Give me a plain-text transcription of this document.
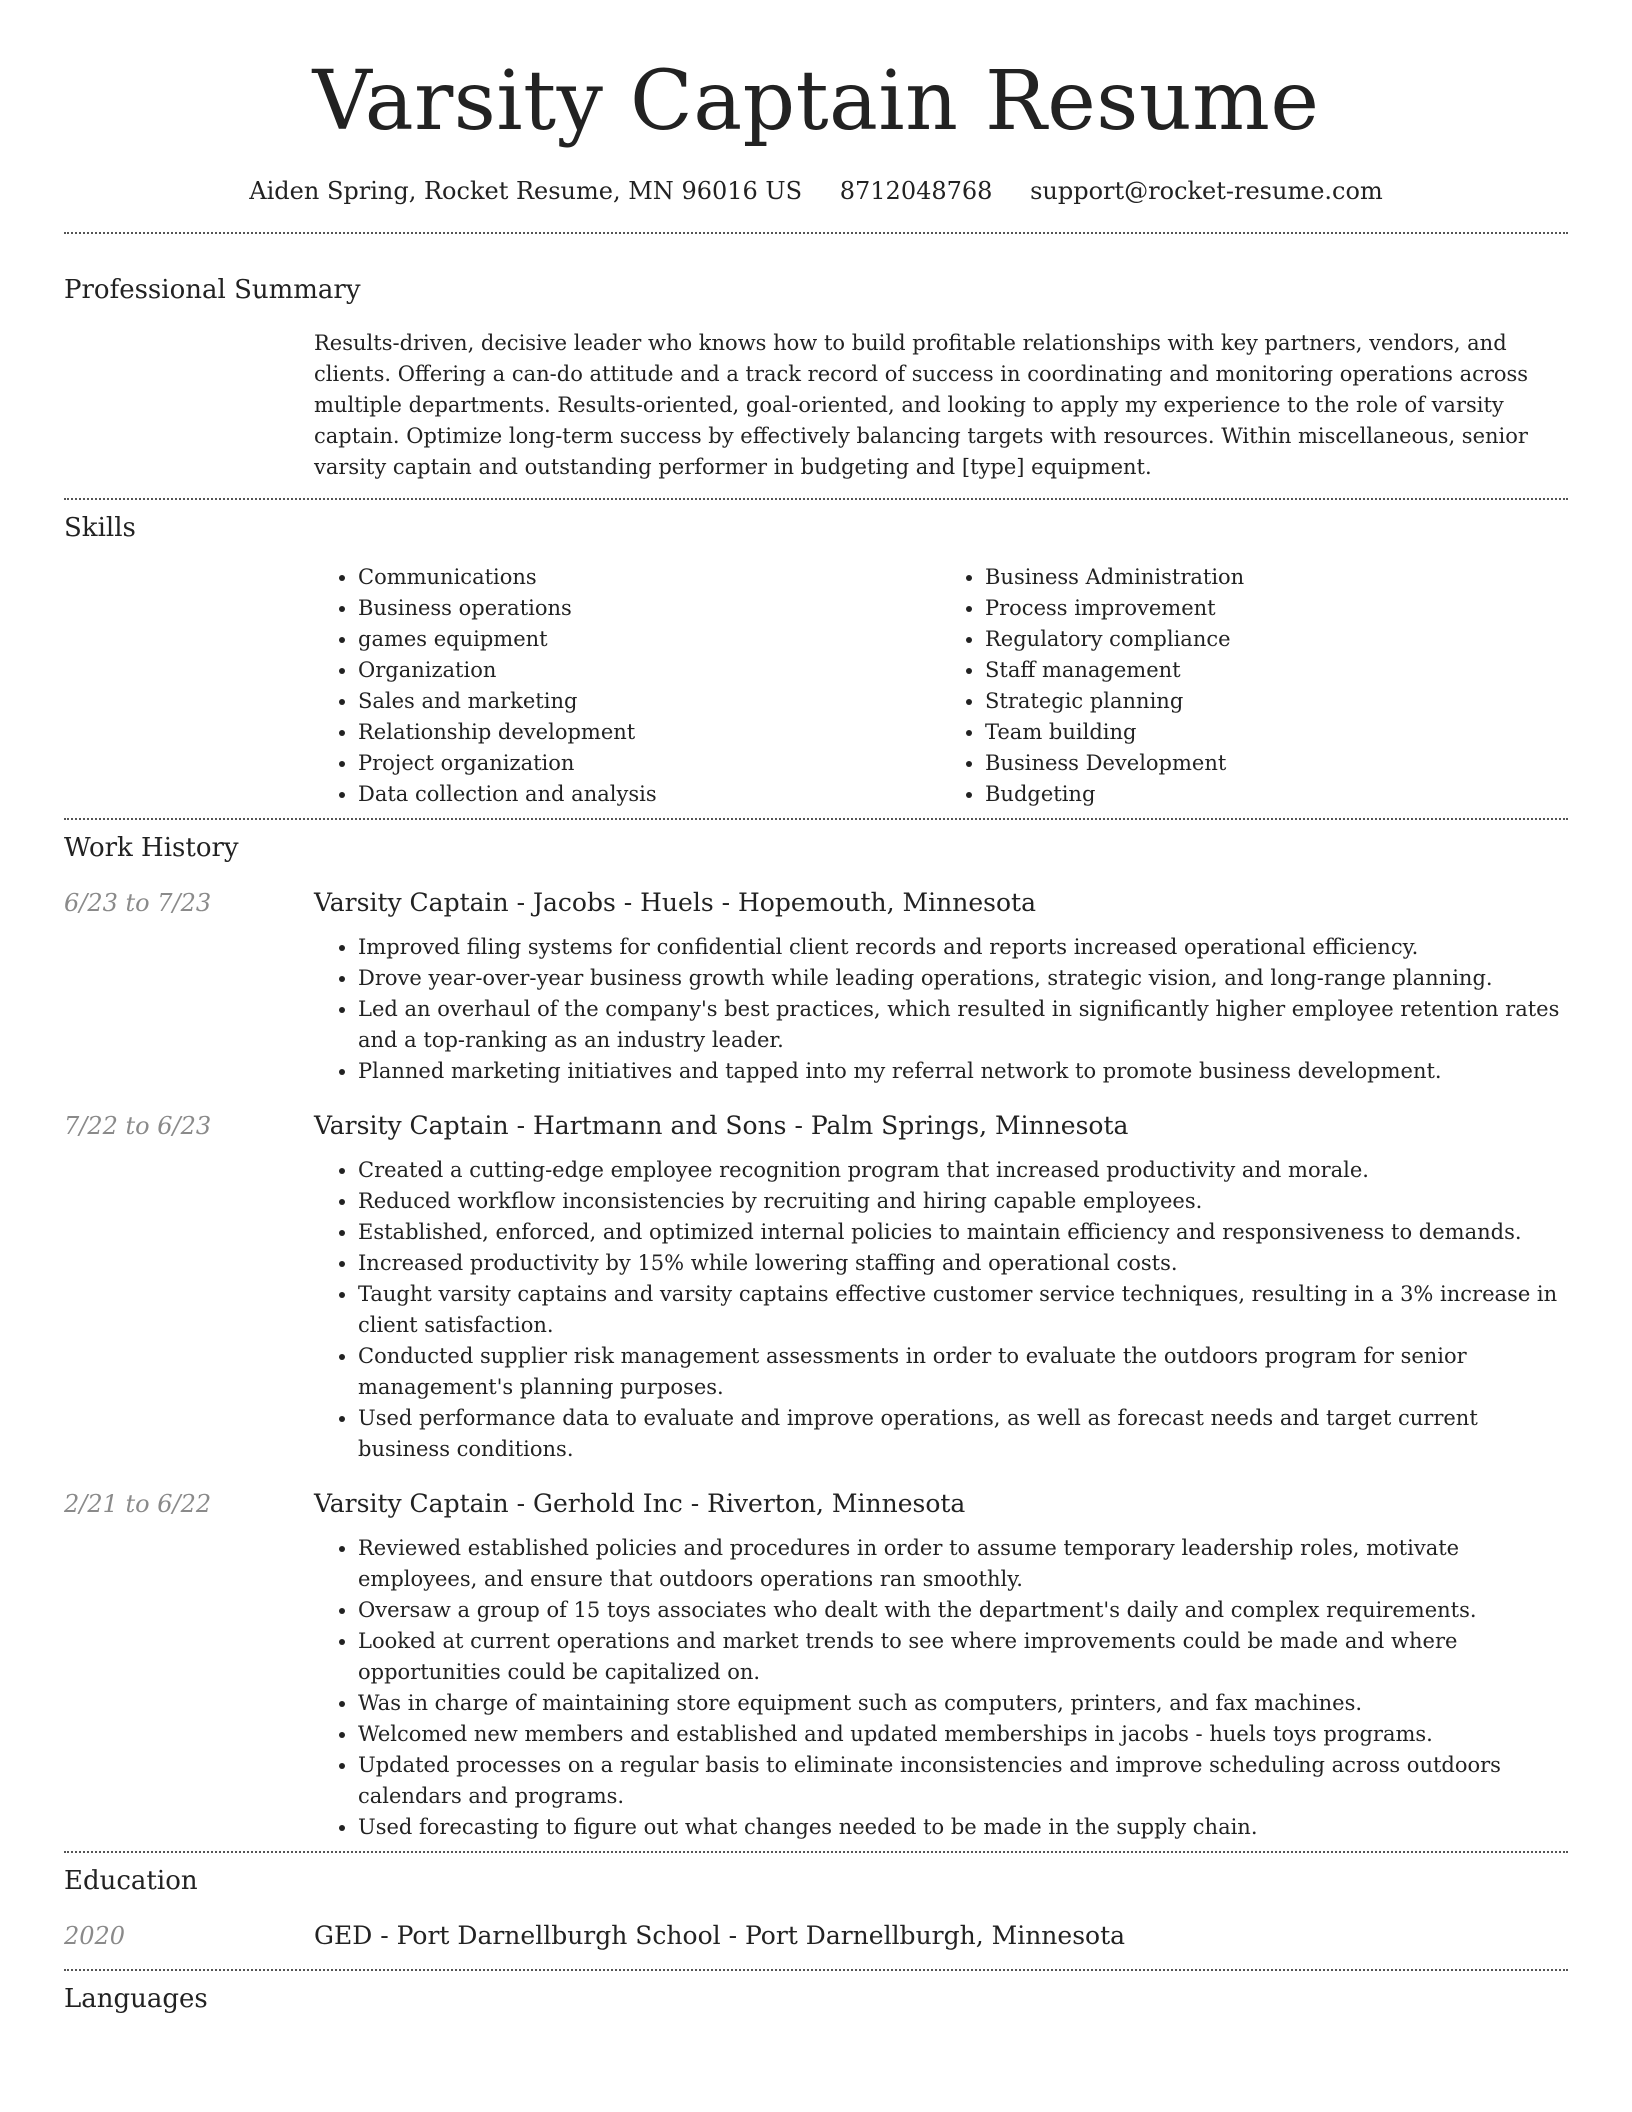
Varsity Captain Resume
Aiden Spring, Rocket Resume, MN 96016 US 8712048768 support@rocket-resume.com
Professional Summary

Results-driven, decisive leader who knows how to build profitable relationships with key partners, vendors, and clients. Offering a can-do attitude and a track record of success in coordinating and monitoring operations across multiple departments. Results-oriented, goal-oriented, and looking to apply my experience to the role of varsity captain. Optimize long-term success by effectively balancing targets with resources. Within miscellaneous, senior varsity captain and outstanding performer in budgeting and [type] equipment.

Skills
• Communications
• Business operations
• games equipment
• Organization
• Sales and marketing
• Relationship development
• Project organization
• Data collection and analysis
• Business Administration
• Process improvement
• Regulatory compliance
• Staff management
• Strategic planning
• Team building
• Business Development
• Budgeting
Work History
6/23 to 7/23	Varsity Captain - Jacobs - Huels - Hopemouth, Minnesota
• Improved filing systems for confidential client records and reports increased operational efficiency.
• Drove year-over-year business growth while leading operations, strategic vision, and long-range planning.
• Led an overhaul of the company's best practices, which resulted in significantly higher employee retention rates and a top-ranking as an industry leader.
• Planned marketing initiatives and tapped into my referral network to promote business development.
7/22 to 6/23	Varsity Captain - Hartmann and Sons - Palm Springs, Minnesota
• Created a cutting-edge employee recognition program that increased productivity and morale.
• Reduced workflow inconsistencies by recruiting and hiring capable employees.
• Established, enforced, and optimized internal policies to maintain efficiency and responsiveness to demands.
• Increased productivity by 15% while lowering staffing and operational costs.
• Taught varsity captains and varsity captains effective customer service techniques, resulting in a 3% increase in client satisfaction.
• Conducted supplier risk management assessments in order to evaluate the outdoors program for senior management's planning purposes.
• Used performance data to evaluate and improve operations, as well as forecast needs and target current business conditions.
2/21 to 6/22	Varsity Captain - Gerhold Inc - Riverton, Minnesota
• Reviewed established policies and procedures in order to assume temporary leadership roles, motivate employees, and ensure that outdoors operations ran smoothly.
• Oversaw a group of 15 toys associates who dealt with the department's daily and complex requirements.
• Looked at current operations and market trends to see where improvements could be made and where opportunities could be capitalized on.
• Was in charge of maintaining store equipment such as computers, printers, and fax machines.
• Welcomed new members and established and updated memberships in jacobs - huels toys programs.
• Updated processes on a regular basis to eliminate inconsistencies and improve scheduling across outdoors calendars and programs.
• Used forecasting to figure out what changes needed to be made in the supply chain.
Education
2020	GED - Port Darnellburgh School - Port Darnellburgh, Minnesota
Languages
